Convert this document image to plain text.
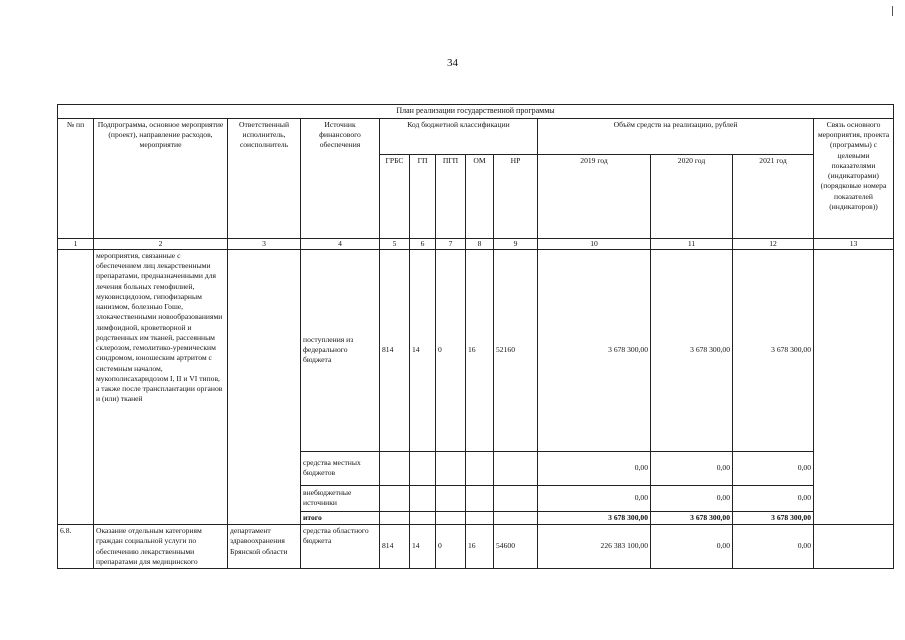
34
План реализации государственной программы												
№ пп	Подпрограмма, основное мероприятие (проект), направление расходов, мероприятие	Ответственный исполнитель, соисполнитель	Источник финансового обеспечения	Код бюджетной классификации					Объём средств на реализацию, рублей			Связь основного мероприятия, проекта (программы) с целевыми показателями (индикаторами) (порядковые номера показателей (индикаторов))
				ГРБС	ГП	ПГП	ОМ	НР	2019 год	2020 год	2021 год	
1	2	3	4	5	6	7	8	9	10	11	12	13
	мероприятия, связанные с обеспечением лиц лекарственными препаратами, предназначенными для лечения больных гемофилией, муковисцидозом, гипофизарным нанизмом, болезнью Гоше, злокачественными новообразованиями лимфоидной, кроветворной и родственных им тканей, рассеянным склерозом, гемолитико-уремическим синдромом, юношеским артритом с системным началом, мукополисахаридозом I, II и VI типов, а также после трансплантации органов и (или) тканей		поступления из федерального бюджета	814	14	0	16	52160	3 678 300,00	3 678 300,00	3 678 300,00	
			средства местных бюджетов						0,00	0,00	0,00	
			внебюджетные источники						0,00	0,00	0,00	
			итого						3 678 300,00	3 678 300,00	3 678 300,00	
6.8.	Оказание отдельным категориям граждан социальной услуги по обеспечению лекарственными препаратами для медицинского	департамент здравоохранения Брянской области	средства областного бюджета	814	14	0	16	54600	226 383 100,00	0,00	0,00	
